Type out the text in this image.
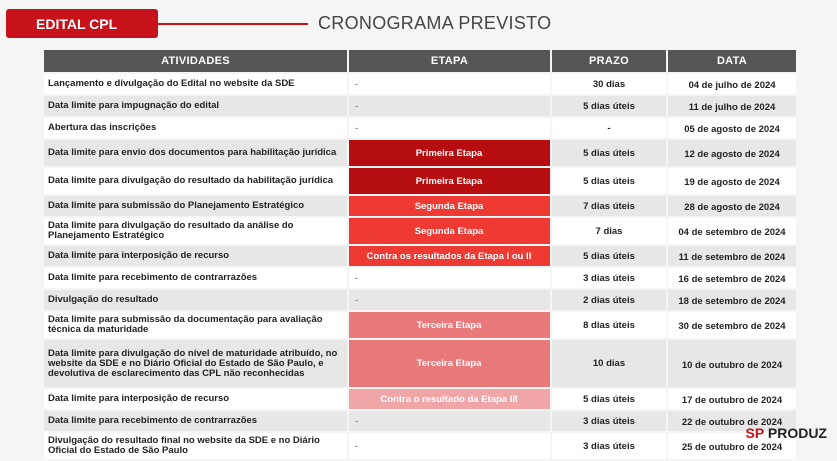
EDITAL CPL	CRONOGRAMA PREVISTO
ATIVIDADES	ETAPA	PRAZO	DATA
Lançamento e divulgação do Edital no website da SDE	-	30 dias	04 de julho de 2024
Data limite para impugnação do edital	-	5 dias úteis	11 de julho de 2024
Abertura das inscrições	-	-	05 de agosto de 2024
Data limite para envio dos documentos para habilitação jurídica	Primeira Etapa	5 dias úteis	12 de agosto de 2024
Data limite para divulgação do resultado da habilitação jurídica	Primeira Etapa	5 dias úteis	19 de agosto de 2024
Data limite para submissão do Planejamento Estratégico	Segunda Etapa	7 dias úteis	28 de agosto de 2024
Data limite para divulgação do resultado da análise do Planejamento Estratégico	Segunda Etapa	7 dias	04 de setembro de 2024
Data limite para interposição de recurso	Contra os resultados da Etapa I ou II	5 dias úteis	11 de setembro de 2024
Data limite para recebimento de contrarrazões	-	3 dias úteis	16 de setembro de 2024
Divulgação do resultado	-	2 dias úteis	18 de setembro de 2024
Data limite para submissão da documentação para avaliação técnica da maturidade	Terceira Etapa	8 dias úteis	30 de setembro de 2024
Data limite para divulgação do nível de maturidade atribuído, no website da SDE e no Diário Oficial do Estado de São Paulo, e devolutiva de esclarecimento das CPL não reconhecidas	Terceira Etapa	10 dias	10 de outubro de 2024
Data limite para interposição de recurso	Contra o resultado da Etapa III	5 dias úteis	17 de outubro de 2024
Data limite para recebimento de contrarrazões	-	3 dias úteis	22 de outubro de 2024
Divulgação do resultado final no website da SDE e no Diário Oficial do Estado de São Paulo	-	3 dias úteis	25 de outubro de 2024
SP PRODUZ
